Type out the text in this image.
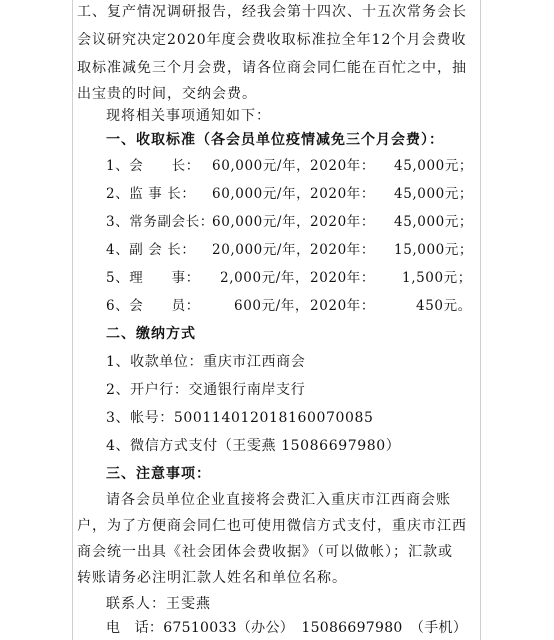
工、复产情况调研报告，经我会第十四次、十五次常务会长
会议研究决定2020年度会费收取标准拉全年12个月会费收
取标准减免三个月会费，请各位商会同仁能在百忙之中，抽
出宝贵的时间，交纳会费。
现将相关事项通知如下：
一、收取标准（各会员单位疫情减免三个月会费）：
1、会　　长： 60,000元/年， 2020年： 45,000元；
2、监 事 长： 60,000元/年， 2020年： 45,000元；
3、常务副会长：
60,000元/年， 2020年： 45,000元；
4、副 会 长： 20,000元/年， 2020年： 15,000元；
5、理　　事： 2,000元/年， 2020年： 1,500元；
6、会　　员：	600元/年， 2020年：	450元。
二、缴纳方式
1、收款单位：重庆市江西商会
2、开户行：交通银行南岸支行
3、帐号：500114012018160070085
4、微信方式支付（王雯燕 15086697980）
三、注意事项：
请各会员单位企业直接将会费汇入重庆市江西商会账
户，为了方便商会同仁也可使用微信方式支付，重庆市江西
商会统一出具《社会团体会费收据》（可以做帐）；汇款或
转账请务必注明汇款人姓名和单位名称。
联系人：王雯燕
电　话：67510033（办公）　15086697980　（手机）
